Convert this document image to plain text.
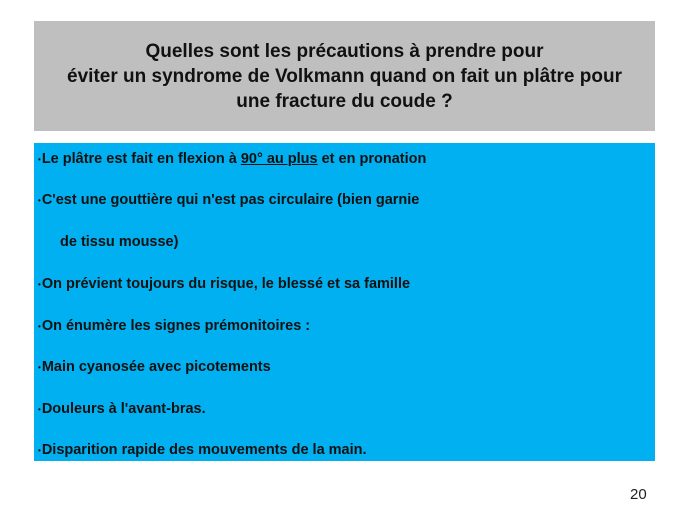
Quelles sont les précautions à prendre pour
éviter un syndrome de Volkmann quand on fait un plâtre pour
une fracture du coude ?
•Le plâtre est fait en flexion à 90° au plus et en pronation
•C'est une gouttière qui n'est pas circulaire (bien garnie
de tissu mousse)
•On prévient toujours du risque, le blessé et sa famille
•On énumère les signes prémonitoires :
•Main cyanosée avec picotements
•Douleurs à l'avant-bras.
•Disparition rapide des mouvements de la main.
20
